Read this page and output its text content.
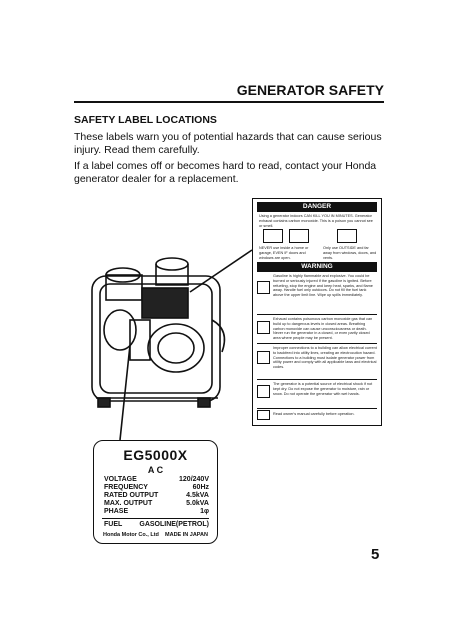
GENERATOR SAFETY
SAFETY LABEL LOCATIONS
These labels warn you of potential hazards that can cause serious injury. Read them carefully.
If a label comes off or becomes hard to read, contact your Honda generator dealer for a replacement.
DANGER
Using a generator indoors CAN KILL YOU IN MINUTES. Generator exhaust contains carbon monoxide. This is a poison you cannot see or smell.
NEVER use inside a home or garage, EVEN IF doors and windows are open.
Only use OUTSIDE and far away from windows, doors, and vents.
WARNING
Gasoline is highly flammable and explosive. You could be burned or seriously injured if the gasoline is ignited. Before refueling, stop the engine and keep heat, sparks, and flame away. Handle fuel only outdoors. Do not fill the fuel tank above the upper limit line. Wipe up spills immediately.
Exhaust contains poisonous carbon monoxide gas that can build up to dangerous levels in closed areas. Breathing carbon monoxide can cause unconsciousness or death. Never run the generator in a closed, or even partly closed area where people may be present.
Improper connections to a building can allow electrical current to backfeed into utility lines, creating an electrocution hazard. Connections to a building must isolate generator power from utility power and comply with all applicable laws and electrical codes.
The generator is a potential source of electrical shock if not kept dry. Do not expose the generator to moisture, rain or snow. Do not operate the generator with wet hands.
Read owner's manual carefully before operation.
EG5000X
A C
VOLTAGE	120/240V
FREQUENCY	60Hz
RATED OUTPUT	4.5kVA
MAX. OUTPUT	5.0kVA
PHASE	1φ
FUEL GASOLINE(PETROL)
Honda Motor Co., Ltd MADE IN JAPAN
5
